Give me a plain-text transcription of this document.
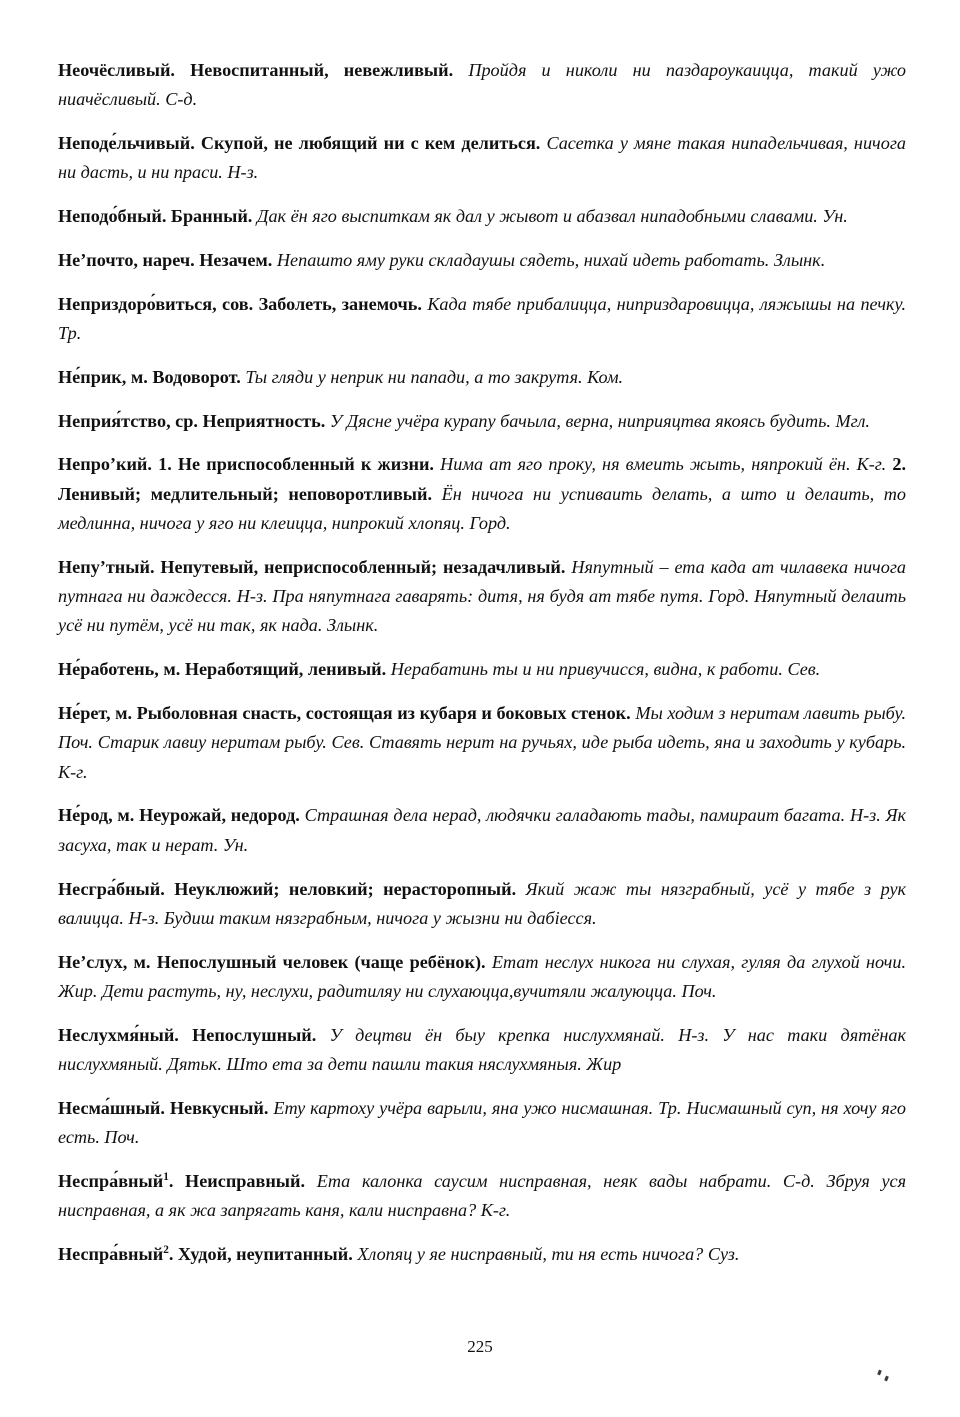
Неочёсливый. Невоспитанный, невежливый. Пройдя и николи ни паздароукаицца, такий ужо ниачёсливый. С-д.

Неподе́льчивый. Скупой, не любящий ни с кем делиться. Сасетка у мяне такая нипадельчивая, ничога ни дасть, и ни праси. Н-з.

Неподо́бный. Бранный. Дак ён яго выспиткам як дал у жывот и абазвал нипадобными славами. Ун.

Не’почто, нареч. Незачем. Непашто яму руки складаушы сядеть, нихай идеть работать. Злынк.

Неприздоро́виться, сов. Заболеть, занемочь. Када тябе прибалицца, ниприздаровицца, ляжышы на печку. Тр.

Не́прик, м. Водоворот. Ты гляди у неприк ни папади, а то закрутя. Ком.

Неприя́тство, ср. Неприятность. У Дясне учёра курапу бачыла, верна, ниприяцтва якоясь будить. Мгл.

Непро’кий. 1. Не приспособленный к жизни. Нима ат яго проку, ня вмеить жыть, няпрокий ён. К-г. 2. Ленивый; медлительный; неповоротливый. Ён ничога ни успиваить делать, а што и делаить, то медлинна, ничога у яго ни клеицца, нипрокий хлопяц. Горд.

Непу’тный. Непутевый, неприспособленный; незадачливый. Няпутный – ета када ат чилавека ничога путнага ни даждесся. Н-з. Пра няпутнага гаварять: дитя, ня будя ат тябе путя. Горд. Няпутный делаить усё ни путём, усё ни так, як нада. Злынк.

Не́работень, м. Неработящий, ленивый. Нерабатинь ты и ни привучисся, видна, к работи. Сев.

Не́рет, м. Рыболовная снасть, состоящая из кубаря и боковых стенок. Мы ходим з неритам лавить рыбу. Поч. Старик лавиу неритам рыбу. Сев. Ставять нерит на ручьях, иде рыба идеть, яна и заходить у кубарь. К-г.

Не́род, м. Неурожай, недород. Страшная дела нерад, людячки галадають тады, памираит багата. Н-з. Як засуха, так и нерат. Ун.

Несгра́бный. Неуклюжий; неловкий; нерасторопный. Який жаж ты нязграбный, усё у тябе з рук валицца. Н-з. Будиш таким нязграбным, ничога у жызни ни дабiесся.

Не’слух, м. Непослушный человек (чаще ребёнок). Етат неслух никога ни слухая, гуляя да глухой ночи. Жир. Дети растуть, ну, неслухи, радитиляу ни слухаюцца,вучитяли жалуюцца. Поч.

Неслухмя́ный. Непослушный. У децтви ён быу крепка нислухмянай. Н-з. У нас таки дятёнак нислухмяный. Дятьк. Што ета за дети пашли такия няслухмяныя. Жир

Несма́шный. Невкусный. Ету картоху учёра варыли, яна ужо нисмашная. Тр. Нисмашный суп, ня хочу яго есть. Поч.

Неспра́вный$^1$. Неисправный. Ета калонка саусим нисправная, неяк вады набрати. С-д. Збруя уся нисправная, а як жа запрягать каня, кали нисправна? К-г.

Неспра́вный$^2$. Худой, неупитанный. Хлопяц у яе нисправный, ти ня есть ничога? Суз.

225
